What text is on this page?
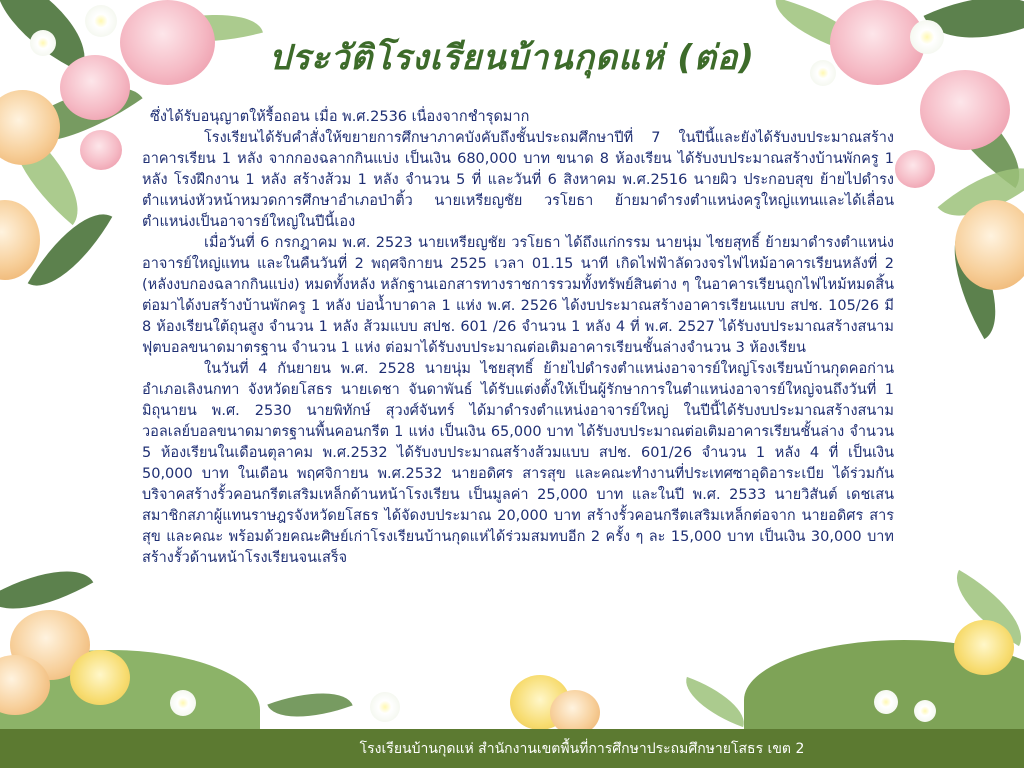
ประวัติโรงเรียนบ้านกุดแห่ (ต่อ)

ซึ่งได้รับอนุญาตให้รื้อถอน เมื่อ พ.ศ.2536 เนื่องจากชำรุดมาก

โรงเรียนได้รับคำสั่งให้ขยายการศึกษาภาคบังคับถึงชั้นประถมศึกษาปีที่ 7 ในปีนี้และยังได้รับงบประมาณสร้างอาคารเรียน 1 หลัง จากกองฉลากกินแบ่ง เป็นเงิน 680,000 บาท ขนาด 8 ห้องเรียน ได้รับงบประมาณสร้างบ้านพักครู 1 หลัง โรงฝึกงาน 1 หลัง สร้างส้วม 1 หลัง จำนวน 5 ที่ และวันที่ 6 สิงหาคม พ.ศ.2516 นายผิว ประกอบสุข ย้ายไปดำรงตำแหน่งหัวหน้าหมวดการศึกษาอำเภอป่าติ้ว นายเหรียญชัย วรโยธา ย้ายมาดำรงตำแหน่งครูใหญ่แทนและได้เลื่อนตำแหน่งเป็นอาจารย์ใหญ่ในปีนี้เอง

เมื่อวันที่ 6 กรกฎาคม พ.ศ. 2523 นายเหรียญชัย วรโยธา ได้ถึงแก่กรรม นายนุ่ม ไชยสุทธิ์ ย้ายมาดำรงตำแหน่งอาจารย์ใหญ่แทน และในคืนวันที่ 2 พฤศจิกายน 2525 เวลา 01.15 นาที เกิดไฟฟ้าลัดวงจรไฟไหม้อาคารเรียนหลังที่ 2 (หลังงบกองฉลากกินแบ่ง) หมดทั้งหลัง หลักฐานเอกสารทางราชการรวมทั้งทรัพย์สินต่าง ๆ ในอาคารเรียนถูกไฟไหม้หมดสิ้น ต่อมาได้งบสร้างบ้านพักครู 1 หลัง บ่อน้ำบาดาล 1 แห่ง พ.ศ. 2526 ได้งบประมาณสร้างอาคารเรียนแบบ สปช. 105/26 มี 8 ห้องเรียนใต้ถุนสูง จำนวน 1 หลัง ส้วมแบบ สปช. 601 /26 จำนวน 1 หลัง 4 ที่ พ.ศ. 2527 ได้รับงบประมาณสร้างสนามฟุตบอลขนาดมาตรฐาน จำนวน 1 แห่ง ต่อมาได้รับงบประมาณต่อเติมอาคารเรียนชั้นล่างจำนวน 3 ห้องเรียน

ในวันที่ 4 กันยายน พ.ศ. 2528 นายนุ่ม ไชยสุทธิ์ ย้ายไปดำรงตำแหน่งอาจารย์ใหญ่โรงเรียนบ้านกุดคอก่าน อำเภอเลิงนกทา จังหวัดยโสธร นายเดชา จันดาพันธ์ ได้รับแต่งตั้งให้เป็นผู้รักษาการในตำแหน่งอาจารย์ใหญ่จนถึงวันที่ 1 มิถุนายน พ.ศ. 2530 นายพิทักษ์ สุวงศ์จันทร์ ได้มาดำรงตำแหน่งอาจารย์ใหญ่ ในปีนี้ได้รับงบประมาณสร้างสนามวอลเลย์บอลขนาดมาตรฐานพื้นคอนกรีต 1 แห่ง เป็นเงิน 65,000 บาท ได้รับงบประมาณต่อเติมอาคารเรียนชั้นล่าง จำนวน 5 ห้องเรียนในเดือนตุลาคม พ.ศ.2532 ได้รับงบประมาณสร้างส้วมแบบ สปช. 601/26 จำนวน 1 หลัง 4 ที่ เป็นเงิน 50,000 บาท ในเดือน พฤศจิกายน พ.ศ.2532 นายอดิศร สารสุข และคณะทำงานที่ประเทศซาอุดิอาระเบีย ได้ร่วมกันบริจาคสร้างรั้วคอนกรีตเสริมเหล็กด้านหน้าโรงเรียน เป็นมูลค่า 25,000 บาท และในปี พ.ศ. 2533 นายวิสันต์ เดชเสน สมาชิกสภาผู้แทนราษฎรจังหวัดยโสธร ได้จัดงบประมาณ 20,000 บาท สร้างรั้วคอนกรีตเสริมเหล็กต่อจาก นายอดิศร สารสุข และคณะ พร้อมด้วยคณะศิษย์เก่าโรงเรียนบ้านกุดแห่ได้ร่วมสมทบอีก 2 ครั้ง ๆ ละ 15,000 บาท เป็นเงิน 30,000 บาท สร้างรั้วด้านหน้าโรงเรียนจนเสร็จ

โรงเรียนบ้านกุดแห่ สำนักงานเขตพื้นที่การศึกษาประถมศึกษายโสธร เขต 2
